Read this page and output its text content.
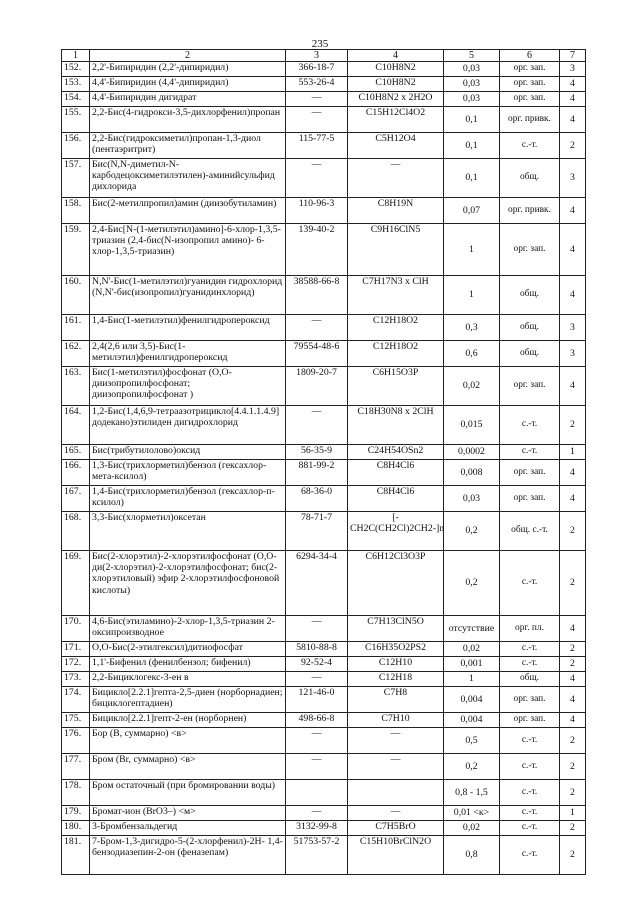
235
1	2	3	4	5	6	7
152.	2,2'-Бипиридин (2,2'-дипиридил)	366-18-7	C10H8N2	0,03	орг. зап.	3
153.	4,4'-Бипиридин (4,4'-дипиридил)	553-26-4	C10H8N2	0,03	орг. зап.	4
154.	4,4'-Бипиридин дигидрат	—	C10H8N2 x 2H2O	0,03	орг. зап.	4
155.	2,2-Бис(4-гидрокси-3,5-дихлорфенил)пропан	—	C15H12Cl4O2	0,1	орг. привк.	4
156.	2,2-Бис(гидроксиметил)пропан-1,3-диол (пентаэритрит)	115-77-5	C5H12O4	0,1	с.-т.	2
157.	Бис(N,N-диметил-N-карбодецоксиметилэтилен)-аминийсульфид дихлорида	—	—	0,1	общ.	3
158.	Бис(2-метилпропил)амин (диизобутиламин)	110-96-3	C8H19N	0,07	орг. привк.	4
159.	2,4-Бис[N-(1-метилэтил)амино]-6-хлор-1,3,5-триазин (2,4-бис(N-изопропил амино)- 6-хлор-1,3,5-триазин)	139-40-2	C9H16ClN5	1	орг. зап.	4
160.	N,N'-Бис(1-метилэтил)гуанидин гидрохлорид (N,N'-бис(изопропил)гуанидинхлорид)	38588-66-8	C7H17N3 x ClH	1	общ.	4
161.	1,4-Бис(1-метилэтил)фенилгидропероксид	—	C12H18O2	0,3	общ.	3
162.	2,4(2,6 или 3,5)-Бис(1-метилэтил)фенилгидропероксид	79554-48-6	C12H18O2	0,6	общ.	3
163.	Бис(1-метилэтил)фосфонат (О,О-диизопропилфосфонат; диизопропилфосфонат )	1809-20-7	C6H15O3P	0,02	орг. зап.	4
164.	1,2-Бис(1,4,6,9-тетраазотрицикло[4.4.1.1.4.9] додекано)этилиден дигидрохлорид	—	C18H30N8 x 2ClH	0,015	с.-т.	2
165.	Бис(трибутилолово)оксид	56-35-9	C24H54OSn2	0,0002	с.-т.	1
166.	1,3-Бис(трихлорметил)бензол (гексахлор- мета-ксилол)	881-99-2	C8H4Cl6	0,008	орг. зап.	4
167.	1,4-Бис(трихлорметил)бензол (гексахлор-п- ксилол)	68-36-0	C8H4Cl6	0,03	орг. зап.	4
168.	3,3-Бис(хлорметил)оксетан	78-71-7	[-CH2C(CH2Cl)2CH2-]n	0,2	общ. с.-т.	2
169.	Бис(2-хлорэтил)-2-хлорэтилфосфонат (О,О- ди(2-хлорэтил)-2-хлорэтилфосфонат; бис(2-хлорэтиловый) эфир 2-хлорэтилфосфоновой кислоты)	6294-34-4	C6H12Cl3O3P	0,2	с.-т.	2
170.	4,6-Бис(этиламино)-2-хлор-1,3,5-триазин 2- оксипроизводное	—	C7H13ClN5O	отсутствие	орг. пл.	4
171.	О,О-Бис(2-этилгексил)дитиофосфат	5810-88-8	C16H35O2PS2	0,02	с.-т.	2
172.	1,1'-Бифенил (фенилбензол; бифенил)	92-52-4	C12H10	0,001	с.-т.	2
173.	2,2-Бициклогекс-3-ен в	—	C12H18	1	общ.	4
174.	Бицикло[2.2.1]гепта-2,5-диен (норборнадиен; бициклогептадиен)	121-46-0	C7H8	0,004	орг. зап.	4
175.	Бицикло[2.2.1]гепт-2-ен (норборнен)	498-66-8	C7H10	0,004	орг. зап.	4
176.	Бор (B, суммарно) <в>	—	—	0,5	с.-т.	2
177.	Бром (Br, суммарно) <в>	—	—	0,2	с.-т.	2
178.	Бром остаточный (при бромировании воды)			0,8 - 1,5	с.-т.	2
179.	Бромат-ион (BrO3–) <м>	—	—	0,01 <к>	с.-т.	1
180.	3-Бромбензальдегид	3132-99-8	C7H5BrO	0,02	с.-т.	2
181.	7-Бром-1,3-дигидро-5-(2-хлорфенил)-2Н- 1,4-бензодиазепин-2-он (феназепам)	51753-57-2	C15H10BrClN2O	0,8	с.-т.	2
